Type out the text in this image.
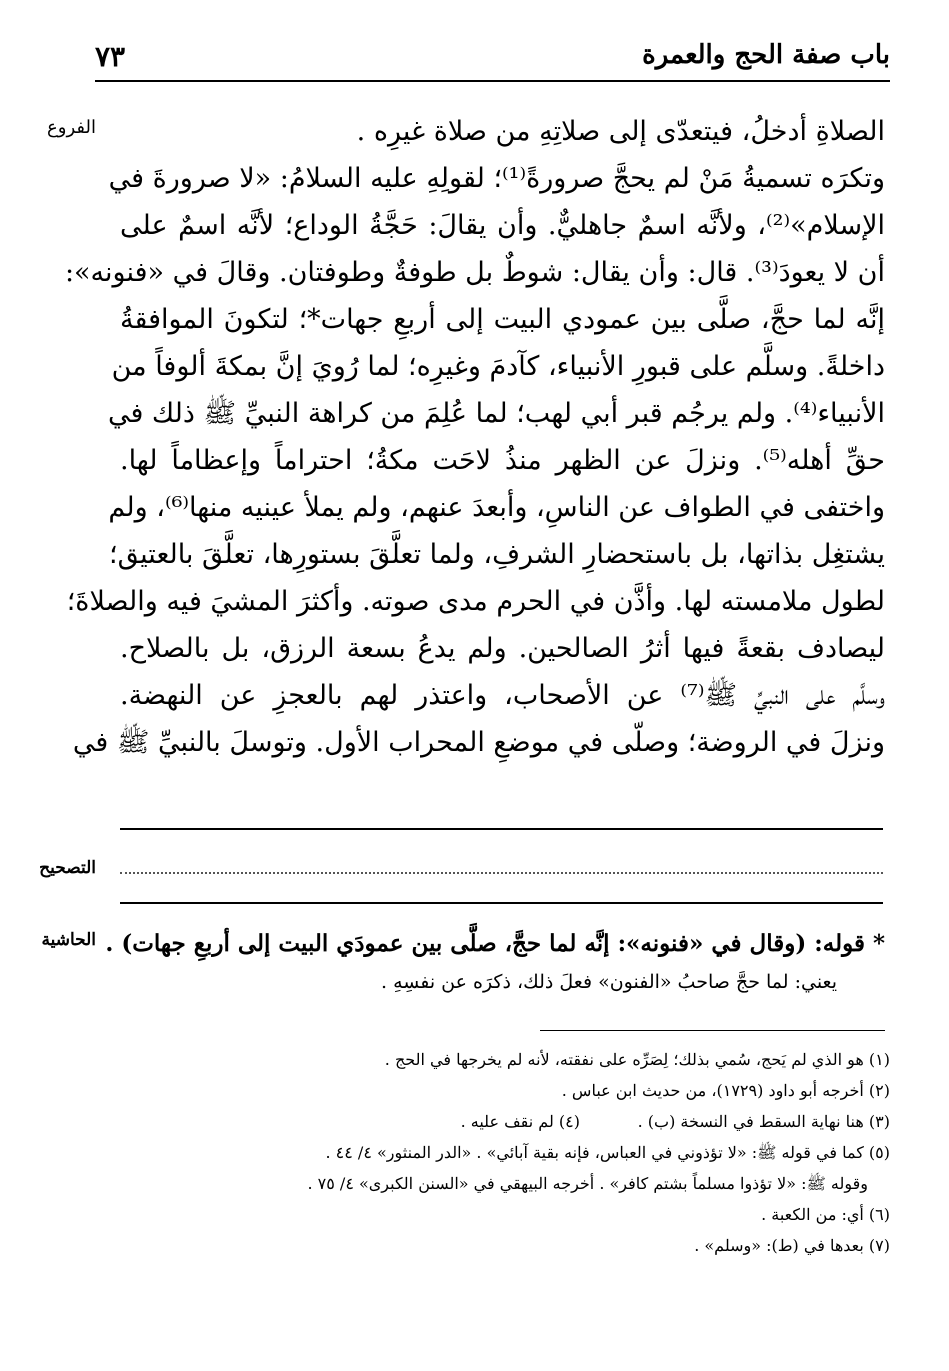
باب صفة الحج والعمرة
٧٣
الفروع	الصلاةِ أدخلُ، فيتعدّى إلى صلاتِهِ من صلاة غيرِه .
وتكرَه تسميةُ مَنْ لم يحجَّ صرورةً⁽¹⁾؛ لقولِهِ عليه السلامُ: «لا صرورةَ في
الإسلام»⁽²⁾، ولأنَّه اسمٌ جاهليٌّ. وأن يقالَ: حَجَّةُ الوداع؛ لأنَّه اسمٌ على
أن لا يعودَ⁽³⁾. قال: وأن يقال: شوطٌ بل طوفةٌ وطوفتان. وقالَ في «فنونه»:
إنَّه لما حجَّ، صلَّى بين عمودي البيت إلى أربعِ جهات*؛ لتكونَ الموافقةُ
داخلةً. وسلَّم على قبورِ الأنبياء، كآدمَ وغيرِه؛ لما رُويَ إنَّ بمكةَ ألوفاً من
الأنبياء⁽⁴⁾. ولم يرجُم قبر أبي لهب؛ لما عُلِمَ من كراهة النبيِّ ﷺ ذلك في
حقِّ أهله⁽⁵⁾. ونزلَ عن الظهر منذُ لاحَت مكةُ؛ احتراماً وإعظاماً لها.
واختفى في الطواف عن الناسِ، وأبعدَ عنهم، ولم يملأ عينيه منها⁽⁶⁾، ولم
يشتغِل بذاتها، بل باستحضارِ الشرفِ، ولما تعلَّقَ بستورِها، تعلَّقَ بالعتيق؛
لطول ملامسته لها. وأذَّن في الحرم مدى صوته. وأكثرَ المشيَ فيه والصلاةَ؛
ليصادف بقعةً فيها أثرُ الصالحين. ولم يدعُ بسعة الرزق، بل بالصلاح.
وسلَّم على النبيِّ ﷺ⁽⁷⁾ عن الأصحاب، واعتذر لهم بالعجزِ عن النهضة.
ونزلَ في الروضة؛ وصلّى في موضعِ المحراب الأول. وتوسلَ بالنبيِّ ﷺ في
التصحيح
الحاشية * قوله: (وقال في «فنونه»: إنَّه لما حجَّ، صلَّى بين عمودَي البيت إلى أربعِ جهات) .
يعني: لما حجَّ صاحبُ «الفنون» فعلَ ذلك، ذكرَه عن نفسِهِ .
(١) هو الذي لم يَحج، سُمي بذلك؛ لِصَرِّه على نفقته، لأنه لم يخرجها في الحج .
(٢) أخرجه أبو داود (١٧٢٩)، من حديث ابن عباس .
(٣) هنا نهاية السقط في النسخة (ب) .
(٤) لم نقف عليه .
(٥) كما في قوله ﷺ: «لا تؤذوني في العباس، فإنه بقية آبائي» . «الدر المنثور» ٤/ ٤٤ .
وقوله ﷺ: «لا تؤذوا مسلماً بشتم كافر» . أخرجه البيهقي في «السنن الكبرى» ٤/ ٧٥ .
(٦) أي: من الكعبة .
(٧) بعدها في (ط): «وسلم» .
